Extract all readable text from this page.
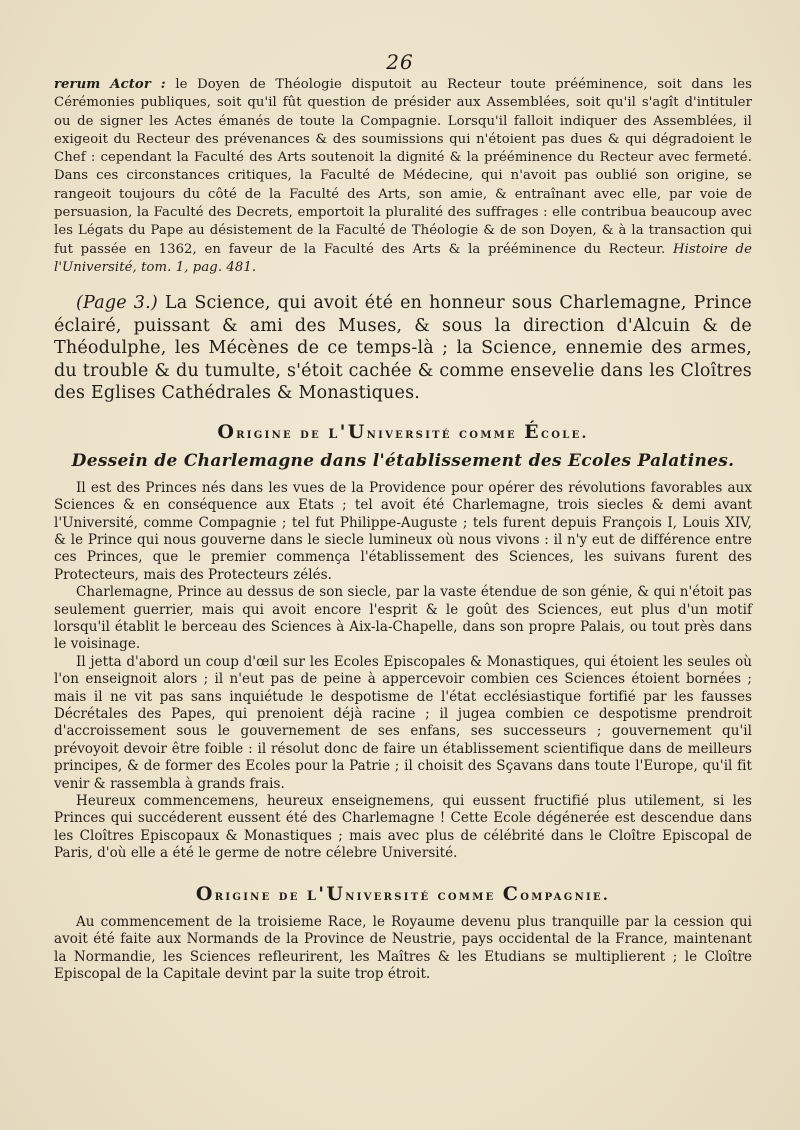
26

rerum Actor : le Doyen de Théologie disputoit au Recteur toute prééminence, soit dans les Cérémonies publiques, soit qu'il fût question de présider aux Assemblées, soit qu'il s'agît d'intituler ou de signer les Actes émanés de toute la Compagnie. Lorsqu'il falloit indiquer des Assemblées, il exigeoit du Recteur des prévenances & des soumissions qui n'étoient pas dues & qui dégradoient le Chef : cependant la Faculté des Arts soutenoit la dignité & la prééminence du Recteur avec fermeté. Dans ces circonstances critiques, la Faculté de Médecine, qui n'avoit pas oublié son origine, se rangeoit toujours du côté de la Faculté des Arts, son amie, & entraînant avec elle, par voie de persuasion, la Faculté des Decrets, emportoit la pluralité des suffrages : elle contribua beaucoup avec les Légats du Pape au désistement de la Faculté de Théologie & de son Doyen, & à la transaction qui fut passée en 1362, en faveur de la Faculté des Arts & la prééminence du Recteur. Histoire de l'Université, tom. 1, pag. 481.

(Page 3.) La Science, qui avoit été en honneur sous Charlemagne, Prince éclairé, puissant & ami des Muses, & sous la direction d'Alcuin & de Théodulphe, les Mécènes de ce temps-là ; la Science, ennemie des armes, du trouble & du tumulte, s'étoit cachée & comme ensevelie dans les Cloîtres des Eglises Cathédrales & Monastiques.

Origine de l'Université comme École.
Dessein de Charlemagne dans l'établissement des Ecoles Palatines.

Il est des Princes nés dans les vues de la Providence pour opérer des révolutions favorables aux Sciences & en conséquence aux Etats ; tel avoit été Charlemagne, trois siecles & demi avant l'Université, comme Compagnie ; tel fut Philippe-Auguste ; tels furent depuis François I, Louis XIV, & le Prince qui nous gouverne dans le siecle lumineux où nous vivons : il n'y eut de différence entre ces Princes, que le premier commença l'établissement des Sciences, les suivans furent des Protecteurs, mais des Protecteurs zélés.

Charlemagne, Prince au dessus de son siecle, par la vaste étendue de son génie, & qui n'étoit pas seulement guerrier, mais qui avoit encore l'esprit & le goût des Sciences, eut plus d'un motif lorsqu'il établit le berceau des Sciences à Aix-la-Chapelle, dans son propre Palais, ou tout près dans le voisinage.

Il jetta d'abord un coup d'œil sur les Ecoles Episcopales & Monastiques, qui étoient les seules où l'on enseignoit alors ; il n'eut pas de peine à appercevoir combien ces Sciences étoient bornées ; mais il ne vit pas sans inquiétude le despotisme de l'état ecclésiastique fortifié par les fausses Décrétales des Papes, qui prenoient déjà racine ; il jugea combien ce despotisme prendroit d'accroissement sous le gouvernement de ses enfans, ses successeurs ; gouvernement qu'il prévoyoit devoir être foible : il résolut donc de faire un établissement scientifique dans de meilleurs principes, & de former des Ecoles pour la Patrie ; il choisit des Sçavans dans toute l'Europe, qu'il fit venir & rassembla à grands frais.

Heureux commencemens, heureux enseignemens, qui eussent fructifié plus utilement, si les Princes qui succéderent eussent été des Charlemagne ! Cette Ecole dégénerée est descendue dans les Cloîtres Episcopaux & Monastiques ; mais avec plus de célébrité dans le Cloître Episcopal de Paris, d'où elle a été le germe de notre célebre Université.

Origine de l'Université comme Compagnie.

Au commencement de la troisieme Race, le Royaume devenu plus tranquille par la cession qui avoit été faite aux Normands de la Province de Neustrie, pays occidental de la France, maintenant la Normandie, les Sciences refleurirent, les Maîtres & les Etudians se multiplierent ; le Cloître Episcopal de la Capitale devint par la suite trop étroit.
